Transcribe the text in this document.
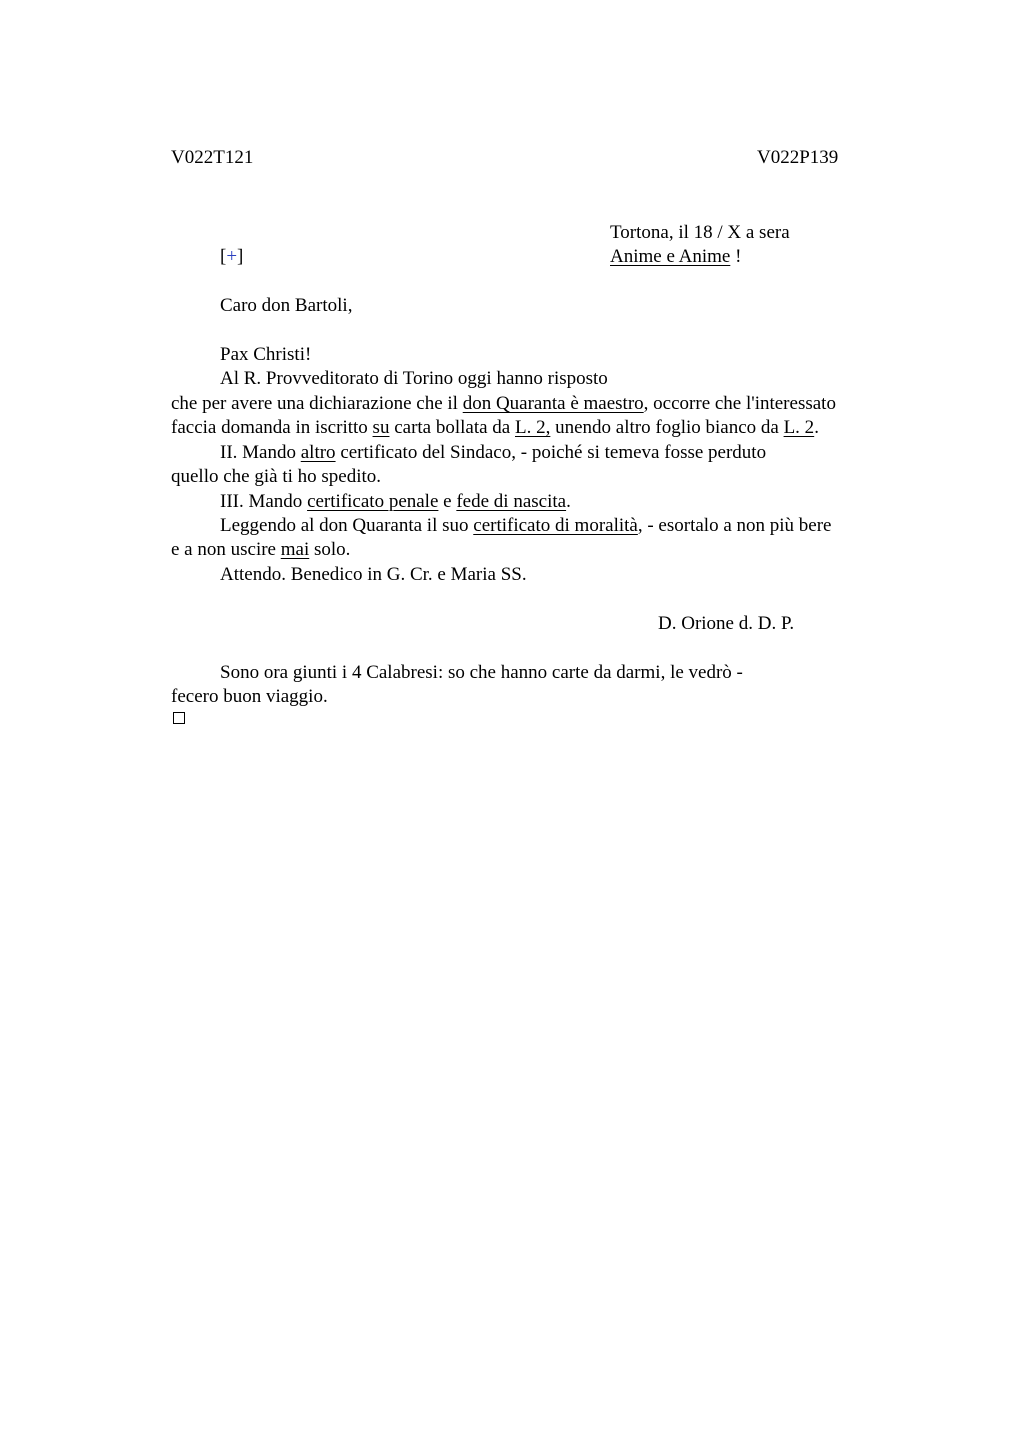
V022T121	V022P139
Tortona, il 18 / X a sera
Anime e Anime !
[+]
Caro don Bartoli,
Pax Christi!
Al R. Provveditorato di Torino oggi hanno risposto
che per avere una dichiarazione che il don Quaranta è maestro, occorre che l'interessato
faccia domanda in iscritto su carta bollata da L. 2, unendo altro foglio bianco da L. 2.
II. Mando altro certificato del Sindaco, - poiché si temeva fosse perduto
quello che già ti ho spedito.
III. Mando certificato penale e fede di nascita.
Leggendo al don Quaranta il suo certificato di moralità, - esortalo a non più bere
e a non uscire mai solo.
Attendo. Benedico in G. Cr. e Maria SS.
D. Orione d. D. P.
Sono ora giunti i 4 Calabresi: so che hanno carte da darmi, le vedrò -
fecero buon viaggio.
